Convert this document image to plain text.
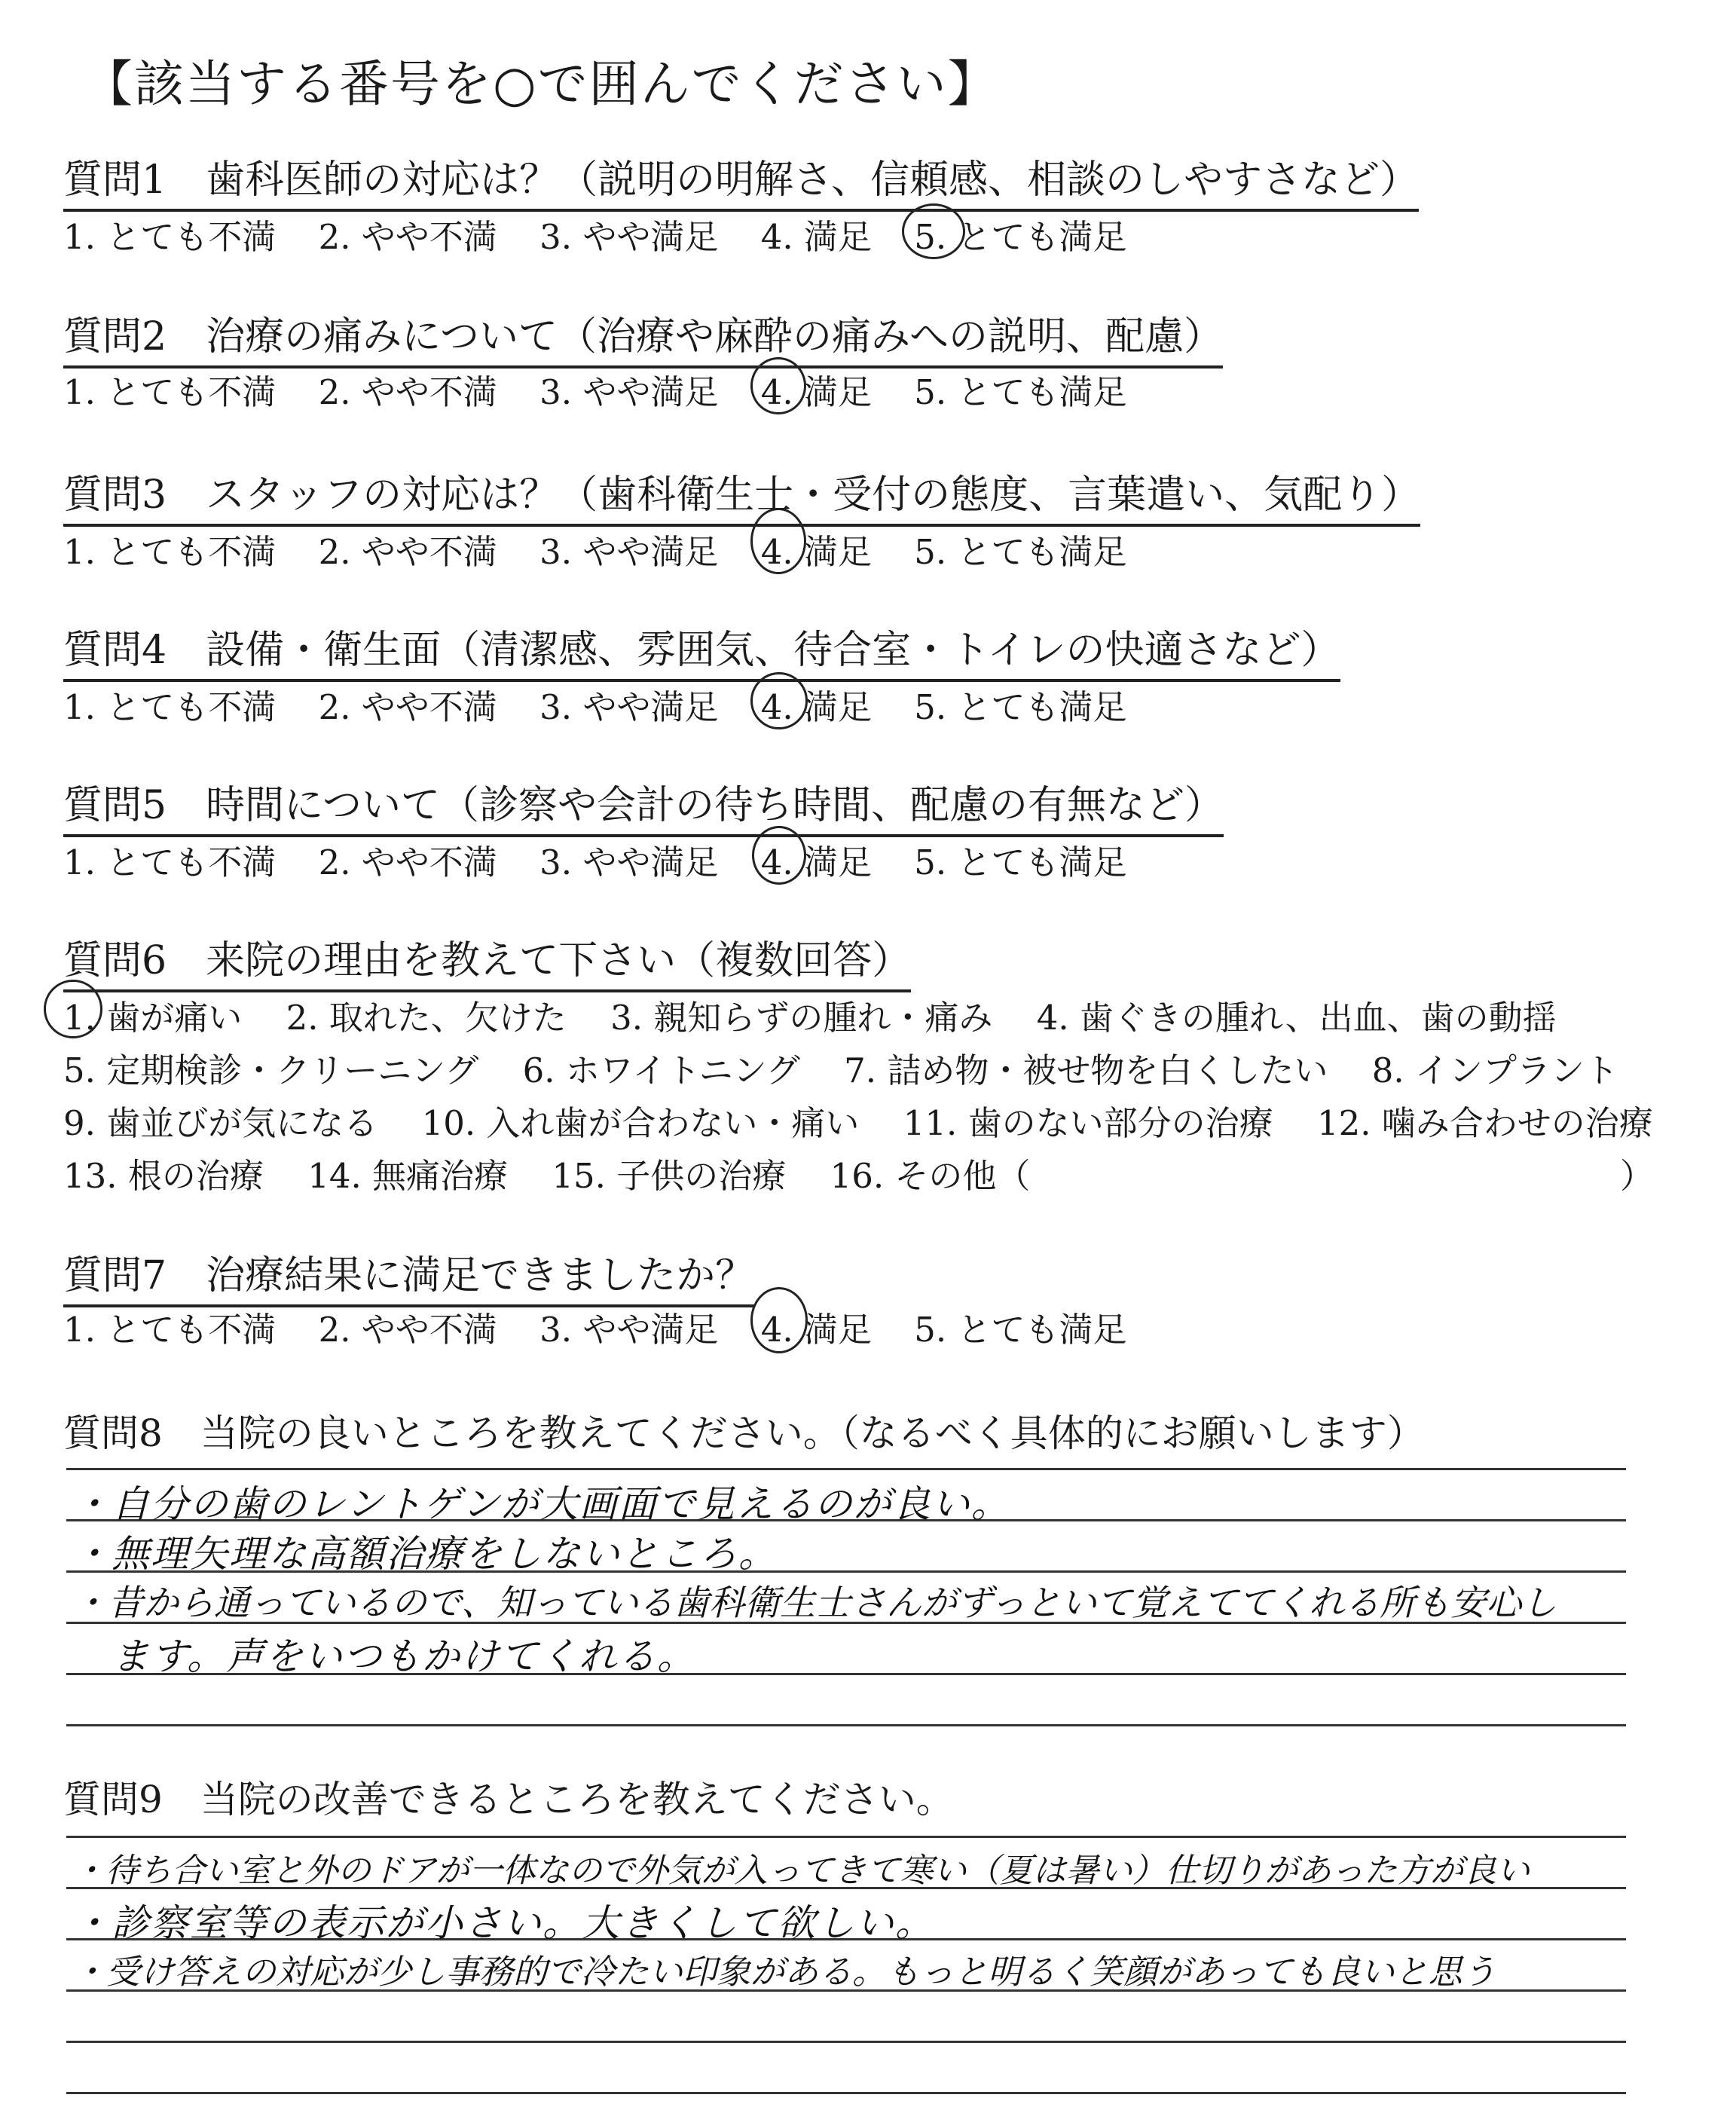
【該当する番号を○で囲んでください】
質問1　歯科医師の対応は？（説明の明解さ、信頼感、相談のしやすさなど）
1. とても不満 2. やや不満 3. やや満足 4. 満足 5. とても満足
質問2　治療の痛みについて（治療や麻酔の痛みへの説明、配慮）
1. とても不満 2. やや不満 3. やや満足 4. 満足 5. とても満足
質問3　スタッフの対応は？（歯科衛生士・受付の態度、言葉遣い、気配り）
1. とても不満 2. やや不満 3. やや満足 4. 満足 5. とても満足
質問4　設備・衛生面（清潔感、雰囲気、待合室・トイレの快適さなど）
1. とても不満 2. やや不満 3. やや満足 4. 満足 5. とても満足
質問5　時間について（診察や会計の待ち時間、配慮の有無など）
1. とても不満 2. やや不満 3. やや満足 4. 満足 5. とても満足
質問6　来院の理由を教えて下さい（複数回答）
1. 歯が痛い 2. 取れた、欠けた 3. 親知らずの腫れ・痛み 4. 歯ぐきの腫れ、出血、歯の動揺
5. 定期検診・クリーニング 6. ホワイトニング 7. 詰め物・被せ物を白くしたい 8. インプラント
9. 歯並びが気になる 10. 入れ歯が合わない・痛い 11. 歯のない部分の治療 12. 噛み合わせの治療
13. 根の治療 14. 無痛治療 15. 子供の治療 16. その他（	）
質問7　治療結果に満足できましたか？
1. とても不満 2. やや不満 3. やや満足 4. 満足 5. とても満足
質問8　当院の良いところを教えてください。（なるべく具体的にお願いします）
・自分の歯のレントゲンが大画面で見えるのが良い。
・無理矢理な高額治療をしないところ。
・昔から通っているので、知っている歯科衛生士さんがずっといて覚えててくれる所も安心し
　ます。声をいつもかけてくれる。
質問9　当院の改善できるところを教えてください。
・待ち合い室と外のドアが一体なので外気が入ってきて寒い（夏は暑い）仕切りがあった方が良い
・診察室等の表示が小さい。大きくして欲しい。
・受け答えの対応が少し事務的で冷たい印象がある。もっと明るく笑顔があっても良いと思う
